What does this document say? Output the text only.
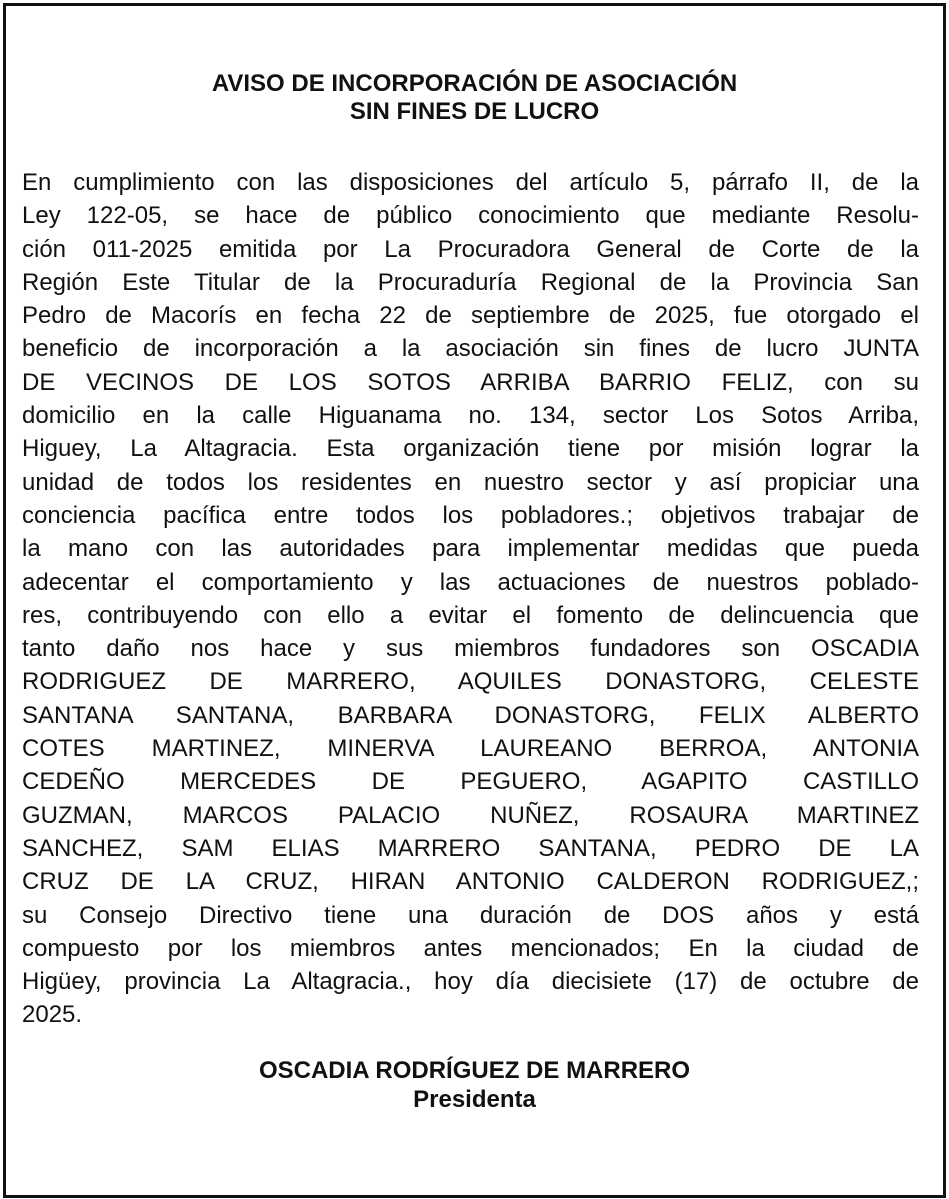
AVISO DE INCORPORACIÓN DE ASOCIACIÓN
SIN FINES DE LUCRO
En cumplimiento con las disposiciones del artículo 5, párrafo II, de la
Ley 122-05, se hace de público conocimiento que mediante Resolu-
ción 011-2025 emitida por La Procuradora General de Corte de la
Región Este Titular de la Procuraduría Regional de la Provincia San
Pedro de Macorís en fecha 22 de septiembre de 2025, fue otorgado el
beneficio de incorporación a la asociación sin fines de lucro JUNTA
DE VECINOS DE LOS SOTOS ARRIBA BARRIO FELIZ, con su
domicilio en la calle Higuanama no. 134, sector Los Sotos Arriba,
Higuey, La Altagracia. Esta organización tiene por misión lograr la
unidad de todos los residentes en nuestro sector y así propiciar una
conciencia pacífica entre todos los pobladores.; objetivos trabajar de
la mano con las autoridades para implementar medidas que pueda
adecentar el comportamiento y las actuaciones de nuestros poblado-
res, contribuyendo con ello a evitar el fomento de delincuencia que
tanto daño nos hace y sus miembros fundadores son OSCADIA
RODRIGUEZ DE MARRERO, AQUILES DONASTORG, CELESTE
SANTANA SANTANA, BARBARA DONASTORG, FELIX ALBERTO
COTES MARTINEZ, MINERVA LAUREANO BERROA, ANTONIA
CEDEÑO MERCEDES DE PEGUERO, AGAPITO CASTILLO
GUZMAN, MARCOS PALACIO NUÑEZ, ROSAURA MARTINEZ
SANCHEZ, SAM ELIAS MARRERO SANTANA, PEDRO DE LA
CRUZ DE LA CRUZ, HIRAN ANTONIO CALDERON RODRIGUEZ,;
su Consejo Directivo tiene una duración de DOS años y está
compuesto por los miembros antes mencionados; En la ciudad de
Higüey, provincia La Altagracia., hoy día diecisiete (17) de octubre de
2025.
OSCADIA RODRÍGUEZ DE MARRERO
Presidenta
